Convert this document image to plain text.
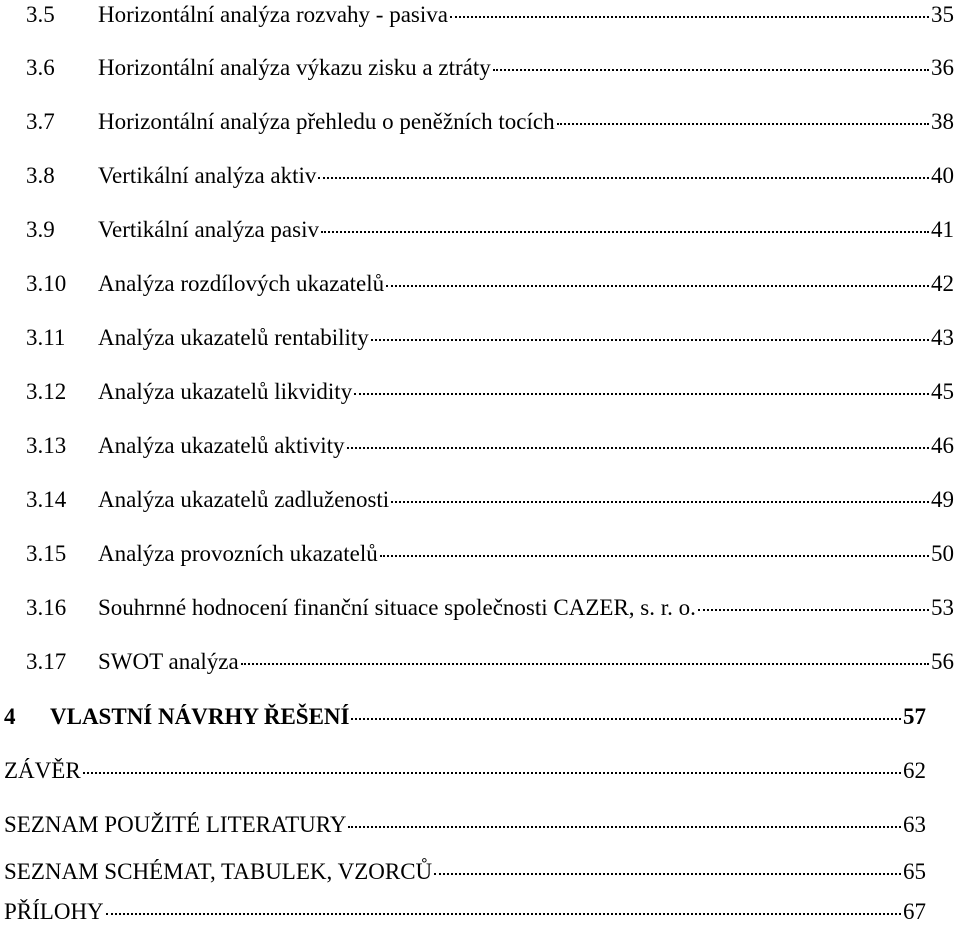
3.5	Horizontální analýza rozvahy - pasiva	35
3.6	Horizontální analýza výkazu zisku a ztráty	36
3.7	Horizontální analýza přehledu o peněžních tocích	38
3.8	Vertikální analýza aktiv	40
3.9	Vertikální analýza pasiv	41
3.10	Analýza rozdílových ukazatelů	42
3.11	Analýza ukazatelů rentability	43
3.12	Analýza ukazatelů likvidity	45
3.13	Analýza ukazatelů aktivity	46
3.14	Analýza ukazatelů zadluženosti	49
3.15	Analýza provozních ukazatelů	50
3.16	Souhrnné hodnocení finanční situace společnosti CAZER, s. r. o.	53
3.17	SWOT analýza	56
4	VLASTNÍ NÁVRHY ŘEŠENÍ	57
ZÁVĚR	62
SEZNAM POUŽITÉ LITERATURY	63
SEZNAM SCHÉMAT, TABULEK, VZORCŮ	65
PŘÍLOHY	67
